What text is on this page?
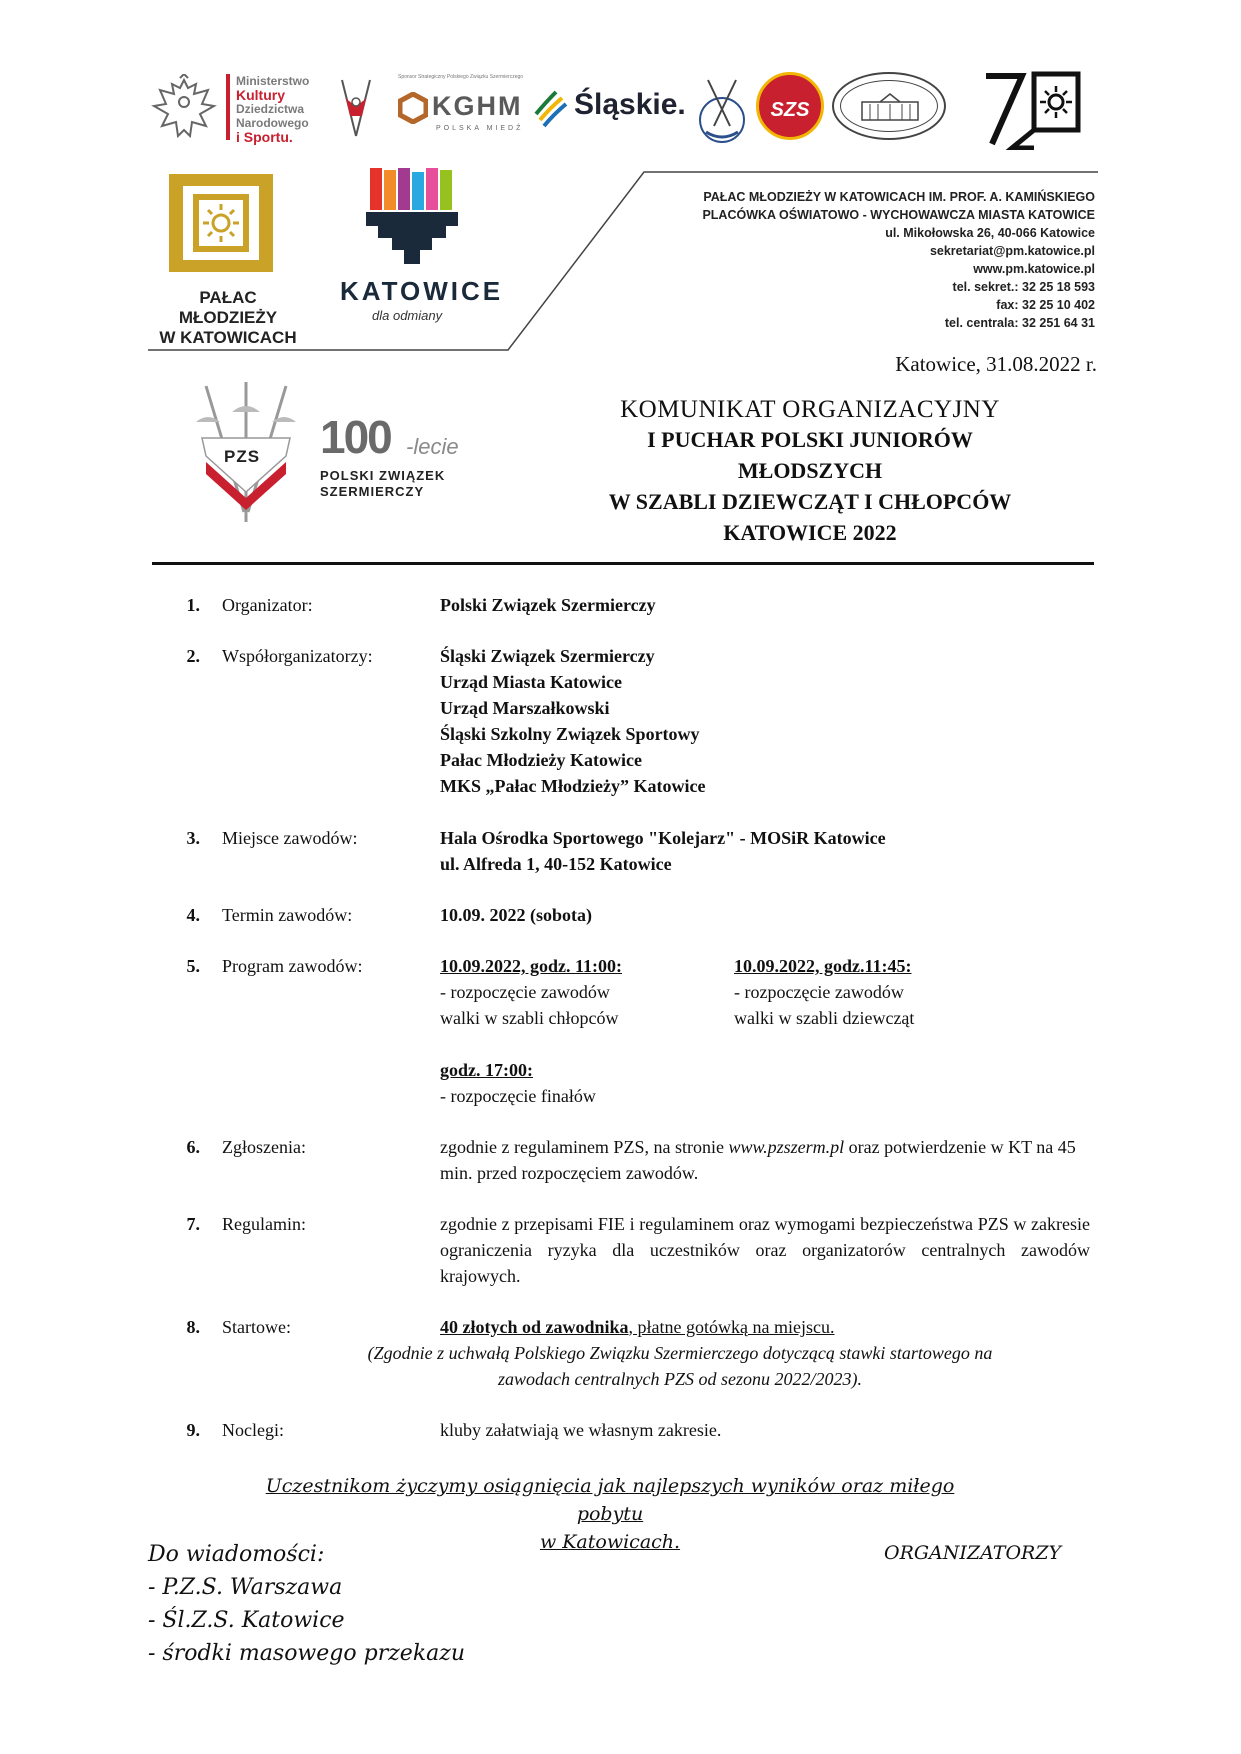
Ministerstwo
Kultury
Dziedzictwa
Narodowego
i Sportu.
Sponsor Strategiczny Polskiego Związku Szermierczego
KGHM
POLSKA MIEDŹ
Śląskie.	SZS
PAŁAC MŁODZIEŻY
W KATOWICACH
KATOWICE
dla odmiany
PAŁAC MŁODZIEŻY W KATOWICACH IM. PROF. A. KAMIŃSKIEGO
PLACÓWKA OŚWIATOWO - WYCHOWAWCZA MIASTA KATOWICE
ul. Mikołowska 26, 40-066 Katowice
sekretariat@pm.katowice.pl
www.pm.katowice.pl
tel. sekret.: 32 25 18 593
fax: 32 25 10 402
tel. centrala: 32 251 64 31
Katowice, 31.08.2022 r.
PZS 100 -lecie
POLSKI ZWIĄZEK
SZERMIERCZY
KOMUNIKAT ORGANIZACYJNY
I PUCHAR POLSKI JUNIORÓW
MŁODSZYCH
W SZABLI DZIEWCZĄT I CHŁOPCÓW
KATOWICE 2022
1. Organizator:	Polski Związek Szermierczy
2. Współorganizatorzy:	Śląski Związek Szermierczy
Urząd Miasta Katowice
Urząd Marszałkowski
Śląski Szkolny Związek Sportowy
Pałac Młodzieży Katowice
MKS „Pałac Młodzieży” Katowice
3. Miejsce zawodów:	Hala Ośrodka Sportowego "Kolejarz" - MOSiR Katowice
ul. Alfreda 1, 40-152 Katowice
4. Termin zawodów:	10.09. 2022 (sobota)
5. Program zawodów:	10.09.2022, godz. 11:00:
- rozpoczęcie zawodów
walki w szabli chłopców
10.09.2022, godz.11:45:
- rozpoczęcie zawodów
walki w szabli dziewcząt
godz. 17:00:
- rozpoczęcie finałów
6. Zgłoszenia:	zgodnie z regulaminem PZS, na stronie www.pzszerm.pl oraz potwierdzenie w KT na 45 min. przed rozpoczęciem zawodów.
7. Regulamin:	zgodnie z przepisami FIE i regulaminem oraz wymogami bezpieczeństwa PZS w zakresie ograniczenia ryzyka dla uczestników oraz organizatorów centralnych zawodów krajowych.
8. Startowe:	40 złotych od zawodnika, płatne gotówką na miejscu.
(Zgodnie z uchwałą Polskiego Związku Szermierczego dotyczącą stawki startowego na
zawodach centralnych PZS od sezonu 2022/2023).
9. Noclegi:	kluby załatwiają we własnym zakresie.
Uczestnikom życzymy osiągnięcia jak najlepszych wyników oraz miłego pobytu
w Katowicach.
Do wiadomości:
- P.Z.S. Warszawa
- Śl.Z.S. Katowice
- środki masowego przekazu
ORGANIZATORZY
